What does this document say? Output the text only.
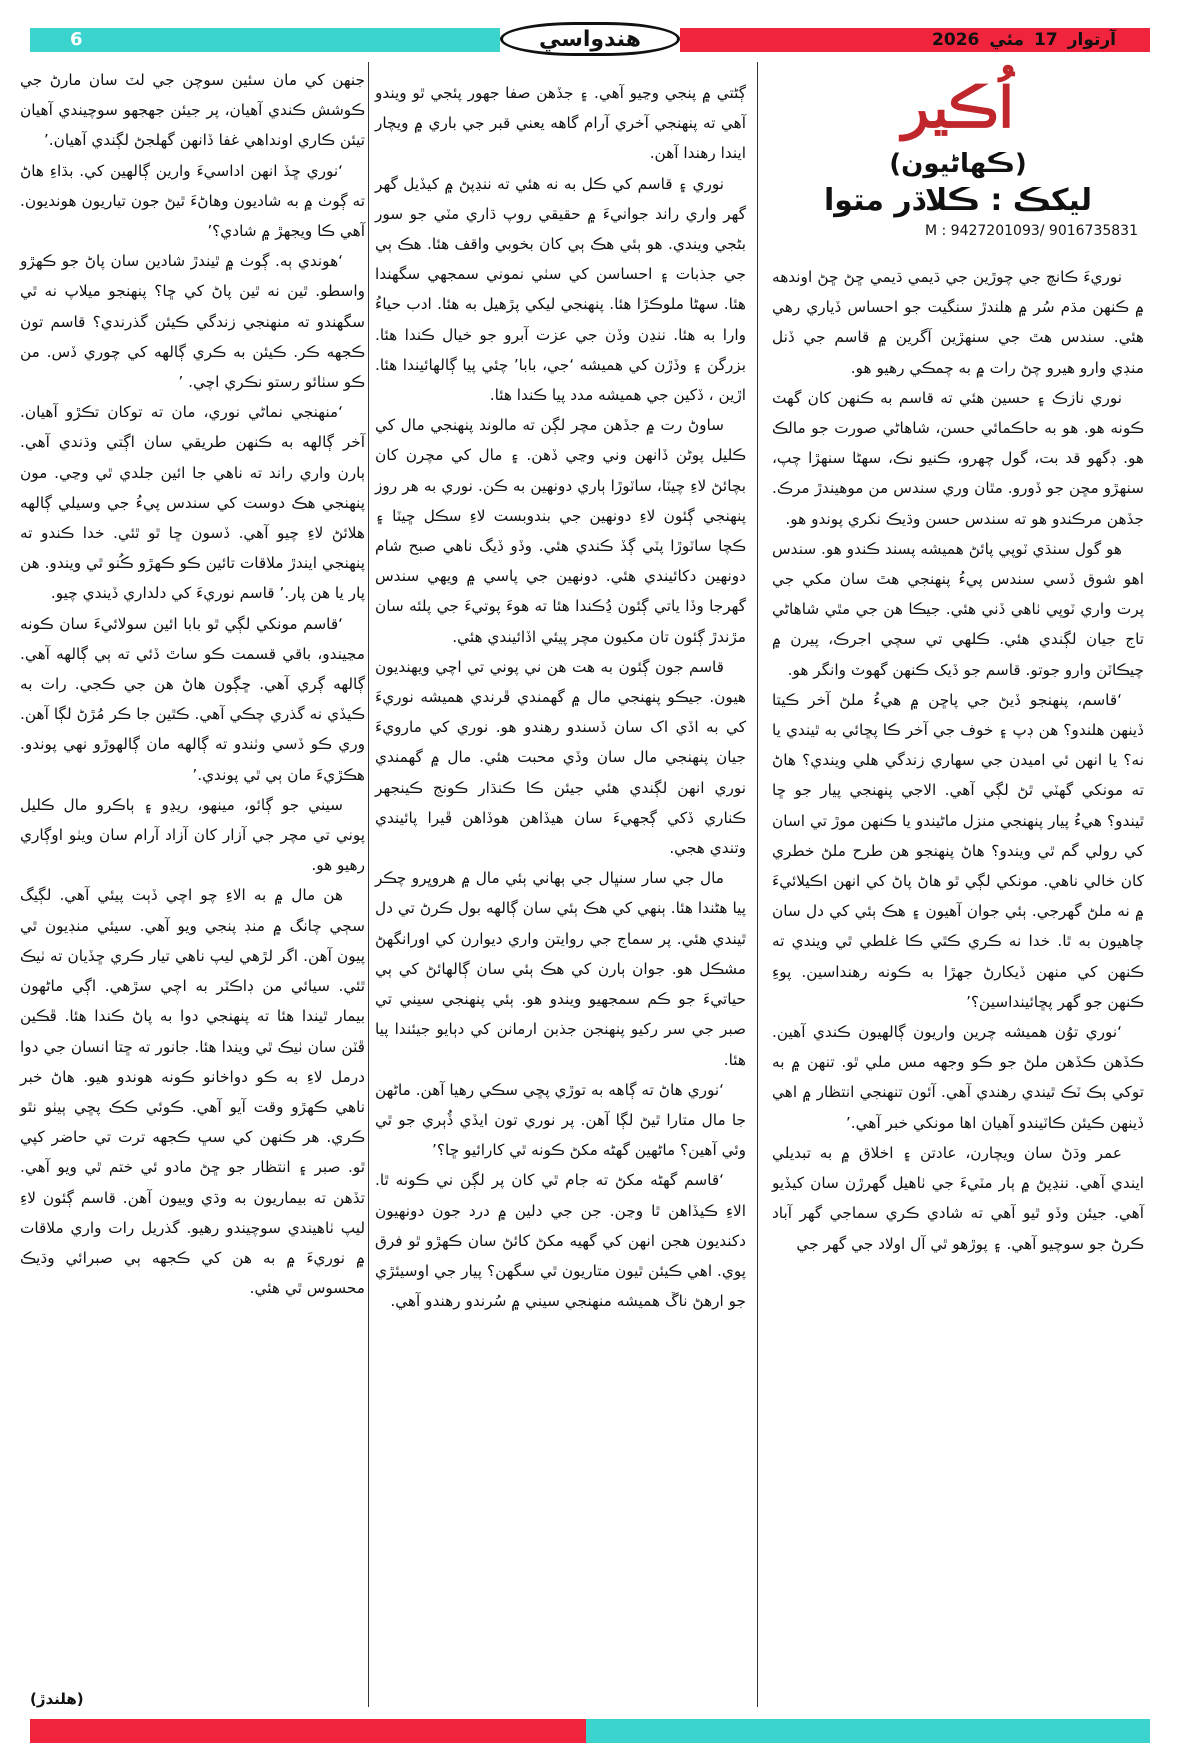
6	آرتوار
17
مئي
2026
هندواسي
اُڪير
(ڪهاڻيون)
ليکڪ : ڪلاڌر متوا
M : 9427201093/ 9016735831

نوريءَ ڪانچ جي چوڙين جي ڌيمي ڌيمي ڇڻ ڇڻ اوندهه ۾ ڪنهن مڌم سُر ۾ هلندڙ سنگيت جو احساس ڏياري رهي هئي. سندس هٿ جي سنهڙين آگرين ۾ قاسم جي ڏنل منڊي وارو هيرو چڻ رات ۾ به چمڪي رهيو هو.

نوري نازڪ ۽ حسين هئي ته قاسم به ڪنهن کان گهٽ ڪونه هو. هو به حاڪمائي حسن، شاهاڻي صورت جو مالڪ هو. ڊگهو قد بت، گول چهرو، ڪنيو نڪ، سهڻا سنهڙا چپ، سنهڙو مڇن جو ڏورو. مٿان وري سندس من موهيندڙ مرڪ. جڏهن مرڪندو هو ته سندس حسن وڌيڪ نکري پوندو هو.

هو گول سنڌي ٽوپي پائڻ هميشه پسند ڪندو هو. سندس اهو شوق ڏسي سندس پيءُ پنهنجي هٿ سان مکي جي پرت واري ٽوپي ٺاهي ڏني هئي. جيڪا هن جي مٿي شاهاڻي تاج جيان لڳندي هئي. ڪلهي تي سچي اجرڪ، پيرن ۾ چيڪاٽن وارو جوتو. قاسم جو ڏيک ڪنهن گهوٽ وانگر هو.

‘قاسم، پنهنجو ڏيڻ جي پاڇن ۾ هيءُ ملڻ آخر ڪيتا ڏينهن هلندو؟ هن ڊپ ۽ خوف جي آخر ڪا پڇائي به ٿيندي يا نه؟ يا انهن ئي اميدن جي سهاري زندگي هلي ويندي؟ هاڻ ته مونکي گهٽي ٿڻ لڳي آهي. الاجي پنهنجي پيار جو ڇا ٿيندو؟ هيءُ پيار پنهنجي منزل ماڻيندو يا ڪنهن موڙ تي اسان کي رولي گم ٿي ويندو؟ هاڻ پنهنجو هن طرح ملڻ خطري کان خالي ناهي. مونکي لڳي ٿو هاڻ پاڻ کي انهن اڪيلائيءَ ۾ نه ملڻ گهرجي. ٻئي جوان آهيون ۽ هڪ ٻئي کي دل سان چاهيون به ٿا. خدا نه ڪري ڪٿي ڪا غلطي ٿي ويندي ته ڪنهن کي منهن ڏيکارڻ جهڙا به ڪونه رهنداسين. پوءِ ڪنهن جو گهر پڇائينداسين؟’

‘نوري توُن هميشه چرين واريون ڳالهيون ڪندي آهين. ڪڏهن ڪڏهن ملڻ جو ڪو وجهه مس ملي ٿو. تنهن ۾ به توکي ٻڪ ٽڪ ٿيندي رهندي آهي. آئون تنهنجي انتظار ۾ اهي ڏينهن ڪيئن ڪاٽيندو آهيان اها مونکي خبر آهي.’

عمر وڌڻ سان ويچارن، عادتن ۽ اخلاق ۾ به تبديلي ايندي آهي. ننڍپڻ ۾ ٻار مٽيءَ جي ٺاهيل گهرڙن سان کيڏيو آهي. جيئن وڏو ٿيو آهي ته شادي ڪري سماجي گهر آباد ڪرڻ جو سوچيو آهي. ۽ پوڙهو ٿي آل اولاد جي گهر جي

ڳڻتي ۾ پنجي وڃيو آهي. ۽ جڏهن صفا جهور پئجي ٿو ويندو آهي ته پنهنجي آخري آرام گاهه يعني قبر جي باري ۾ ويچار ايندا رهندا آهن.

نوري ۽ قاسم کي ڪل به نه هئي ته ننڍپڻ ۾ کيڏيل گهر گهر واري راند جوانيءَ ۾ حقيقي روپ ڌاري مٽي جو سور بڻجي ويندي. هو ٻئي هڪ ٻي کان بخوبي واقف هئا. هڪ ٻي جي جذبات ۽ احساسن کي سٺي نموني سمجهي سگهندا هئا. سهڻا ملوڪڙا هئا. پنهنجي ليکي پڙهيل به هئا. ادب حياءُ وارا به هئا. ننڍن وڏن جي عزت آبرو جو خيال ڪندا هئا. بزرگن ۽ وڏڙن کي هميشه ‘جي، بابا’ چئي پيا ڳالهائيندا هئا. اڙين ، ڏکين جي هميشه مدد پيا ڪندا هئا.

ساوڻ رت ۾ جڏهن مچر لڳن ته مالوند پنهنجي مال کي ڪليل پوڻن ڏانهن وني وڃي ڏهن. ۽ مال کي مچرن کان بچائڻ لاءِ چيٽا، ساٽوڙا ٻاري دونهين به ڪن. نوري به هر روز پنهنجي ڳئون لاءِ دونهين جي بندوبست لاءِ سڪل ڇيٽا ۽ ڪچا ساٽوڙا پٽي ڳڏ ڪندي هئي. وڏو ڏيگ ناهي صبح شام دونهين دکائيندي هئي. دونهين جي پاسي ۾ ويهي سندس گهرجا وڏا ياتي ڳئون ڍُڪندا هئا ته هوءَ پوتيءَ جي پلئه سان مڙندڙ ڳئون تان مکيون مچر پيئي اڏائيندي هئي.

قاسم جون ڳئون به هت هن ني پوني تي اچي ويهنديون هيون. جيڪو پنهنجي مال ۾ گهمندي ڦرندي هميشه نوريءَ کي به اڏي اک سان ڏسندو رهندو هو. نوري کي مارويءَ جيان پنهنجي مال سان وڏي محبت هئي. مال ۾ گهمندي نوري انهن لڳندي هئي جيئن ڪا ڪنڌار ڪونج ڪينجهر ڪناري ڏکي ڳجهيءَ سان هيڏاهن هوڏاهن ڦيرا پائيندي وتندي هجي.

مال جي سار سنڀال جي ٻهاني ٻئي مال ۾ هروڀرو چڪر پيا هڻندا هئا. ٻنهي کي هڪ ٻئي سان ڳالهه بول ڪرڻ تي دل ٿيندي هئي. پر سماج جي روايتن واري ديوارن کي اورانگهڻ مشڪل هو. جوان ٻارن کي هڪ ٻئي سان ڳالهائڻ کي ٻي حياتيءَ جو ڪم سمجهيو ويندو هو. ٻئي پنهنجي سيني تي صبر جي سر رکيو پنهنجن جذبن ارمانن کي دٻايو جيئندا پيا هئا.

‘نوري هاڻ ته ڳاهه به توڙي پڇي سڪي رهيا آهن. ماڻهن جا مال متارا ٿيڻ لڳا آهن. پر نوري تون ايڏي ڏُٻري جو ٿي وئي آهين؟ ماڻهين گهڻه مکڻ ڪونه ٿي کارائيو ڇا؟’

‘قاسم گهڻه مکڻ ته جام ٿي کان پر لڳن ني ڪونه ٿا. الاءِ ڪيڏاهن ٿا وڃن. جن جي دلين ۾ درد جون دونهيون دکنديون هجن انهن کي گهيه مکڻ کائڻ سان ڪهڙو ٿو فرق پوي. اهي ڪيئن ٿيون متاريون ٿي سگهن؟ پيار جي اوسيئڙي جو ارهڻ ناڱ هميشه منهنجي سيني ۾ سُرندو رهندو آهي.

جنهن کي مان سئين سوچن جي لٽ سان مارڻ جي ڪوشش ڪندي آهيان، پر جيئن جهجهو سوچيندي آهيان تيئن ڪاري اونداهي غفا ڏانهن گهلجڻ لڳندي آهيان.’

‘نوري ڇڏ انهن اداسيءَ وارين ڳالهين کي. بڌاءِ هاڻ ته ڳوٺ ۾ به شاديون وهاڻءَ ٿيڻ جون تياريون هونديون. آهي ڪا ويجهڙ ۾ شادي؟’

‘هوندي ٻه. ڳوٺ ۾ ٿيندڙ شادين سان پاڻ جو ڪهڙو واسطو. ٿين نه ٿين پاڻ کي ڇا؟ پنهنجو ميلاپ نه ٿي سگهندو ته منهنجي زندگي ڪيئن گذرندي؟ قاسم تون ڪجهه ڪر. ڪيئن به ڪري ڳالهه کي چوري ڏس. من ڪو سٺائو رستو نڪري اچي. ’

‘منهنجي نماڻي نوري، مان ته توکان تڪڙو آهيان. آخر ڳالهه به ڪنهن طريقي سان اڳتي وڌندي آهي. ٻارن واري راند ته ناهي جا ائين جلدي ٿي وڃي. مون پنهنجي هڪ دوست کي سندس پيءُ جي وسيلي ڳالهه هلائڻ لاءِ چيو آهي. ڏسون ڇا ٿو ٿئي. خدا ڪندو ته پنهنجي ايندڙ ملاقات تائين ڪو ڪهڙو ڪُنو ٿي ويندو. هن پار يا هن پار.’ قاسم نوريءَ کي دلداري ڏيندي چيو.

‘قاسم مونکي لڳي ٿو بابا ائين سولائيءَ سان ڪونه مڃيندو، باقي قسمت ڪو ساٿ ڏئي ته ٻي ڳالهه آهي. ڳالهه ڳري آهي. ڇڳون هاڻ هن جي ڪجي. رات به ڪيڏي نه گذري چڪي آهي. ڪٿين جا ڪر مُڙڻ لڳا آهن. وري ڪو ڏسي وٺندو ته ڳالهه مان ڳالهوڙو نهي پوندو. هڪڙيءَ مان ٻي ٿي پوندي.’

سيني جو ڳائو، مينهو، ريڍو ۽ ٻاڪرو مال ڪليل پوني تي مچر جي آزار کان آزاد آرام سان ويٺو اوڳاري رهيو هو.

هن مال ۾ به الاءِ چو اچي ڏٻت پيئي آهي. لڳيگ سڄي چانگ ۾ منڊ پنجي ويو آهي. سيئي منڊيون ٿي پيون آهن. اگر لڙهي ليپ ناهي تيار ڪري ڇڏيان ته ٺيڪ ٿئي. سيائي من ڊاڪٽر به اچي سڙهي. اڳي ماڻهون بيمار ٿيندا هئا ته پنهنجي دوا به پاڻ ڪندا هئا. ڦڪين ڦٽن سان ٺيڪ ٿي ويندا هئا. جانور ته ڇتا انسان جي دوا درمل لاءِ به ڪو دواخانو ڪونه هوندو هيو. هاڻ خبر ناهي ڪهڙو وقت آيو آهي. ڪوئي ڪڪ پڇي ٻيٺو نٿو ڪري. هر ڪنهن کي سڀ ڪجهه ترت تي حاضر کپي ٿو. صبر ۽ انتظار جو ڇڻ مادو ئي ختم ٿي ويو آهي. تڏهن ته بيماريون به وڌي وييون آهن. قاسم ڳئون لاءِ ليپ ٺاهيندي سوچيندو رهيو. گذريل رات واري ملاقات ۾ نوريءَ ۾ به هن کي ڪجهه ٻي صبرائي وڌيڪ محسوس ٿي هئي.

(هلندڙ)
